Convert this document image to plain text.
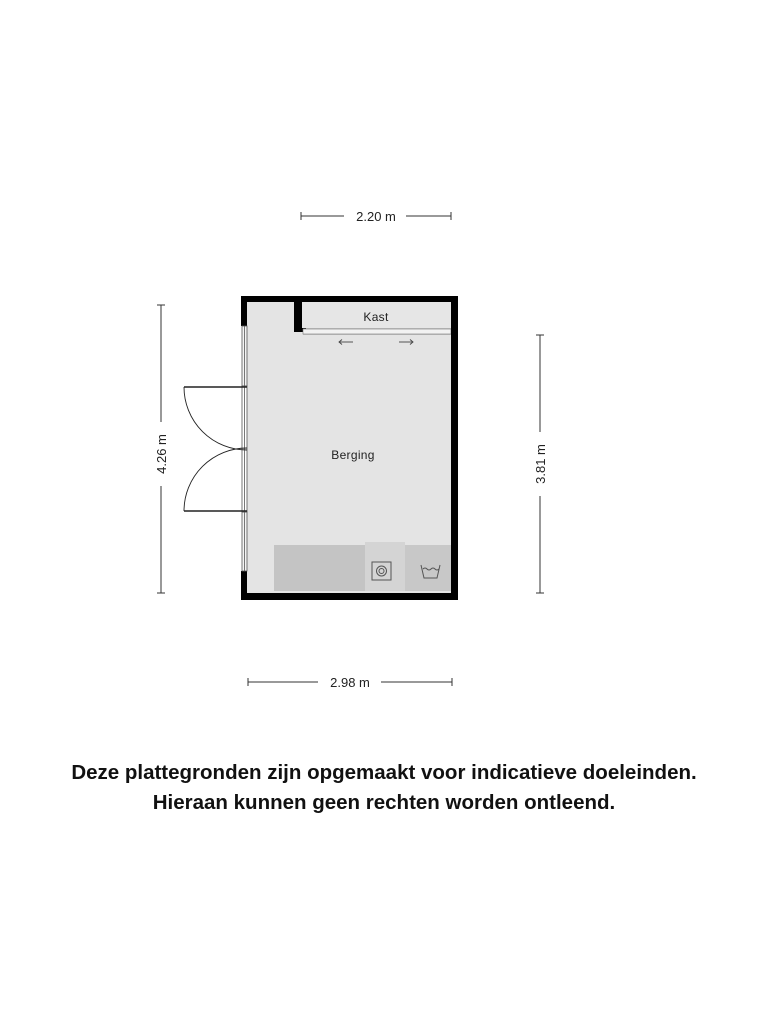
2.20 m
4.26 m	3.81 m
2.98 m
Kast
Berging
Deze plattegronden zijn opgemaakt voor indicatieve doeleinden.
Hieraan kunnen geen rechten worden ontleend.
